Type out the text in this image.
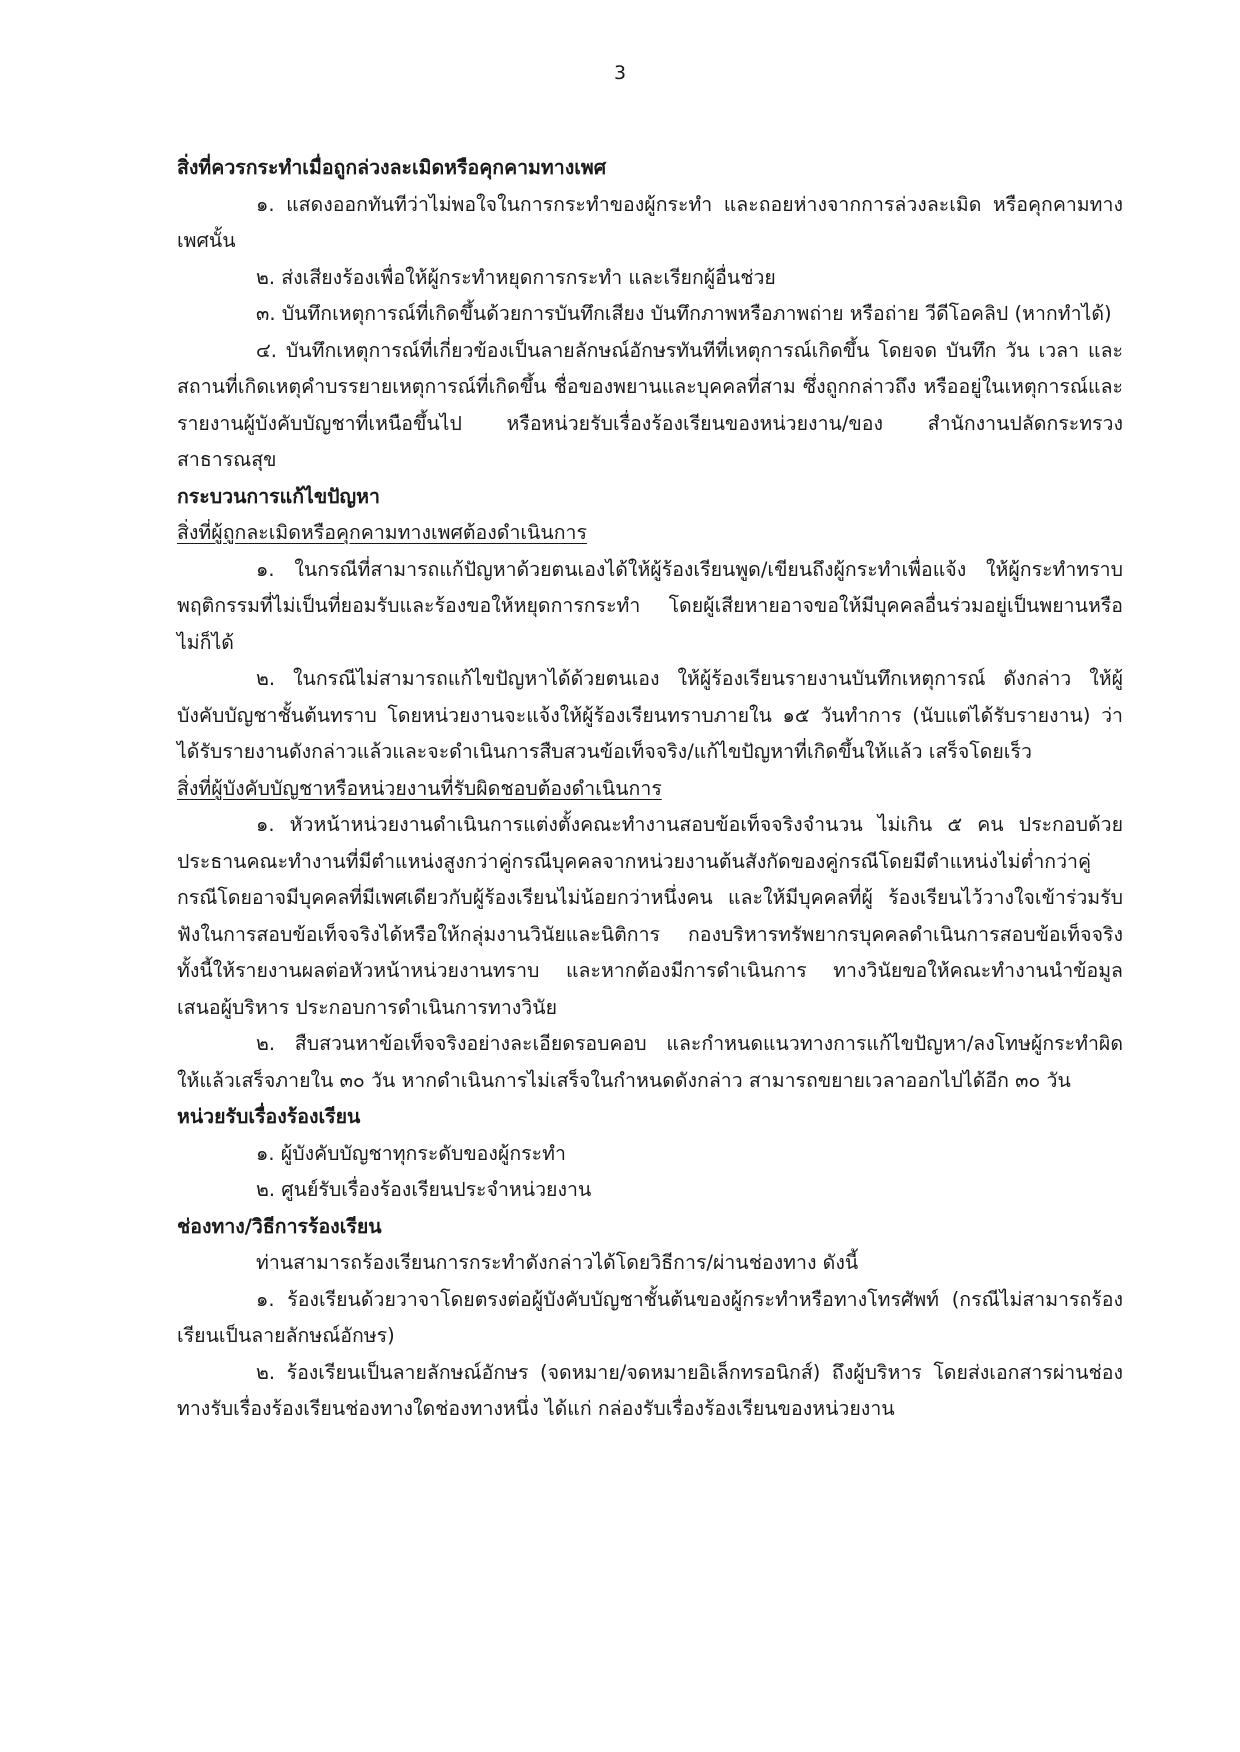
3

สิ่งที่ควรกระทำเมื่อถูกล่วงละเมิดหรือคุกคามทางเพศ

๑. แสดงออกทันทีว่าไม่พอใจในการกระทำของผู้กระทำ และถอยห่างจากการล่วงละเมิด หรือคุกคามทางเพศนั้น

๒. ส่งเสียงร้องเพื่อให้ผู้กระทำหยุดการกระทำ และเรียกผู้อื่นช่วย

๓. บันทึกเหตุการณ์ที่เกิดขึ้นด้วยการบันทึกเสียง บันทึกภาพหรือภาพถ่าย หรือถ่าย วีดีโอคลิป (หากทำได้)

๔. บันทึกเหตุการณ์ที่เกี่ยวข้องเป็นลายลักษณ์อักษรทันทีที่เหตุการณ์เกิดขึ้น โดยจด บันทึก วัน เวลา และสถานที่เกิดเหตุคำบรรยายเหตุการณ์ที่เกิดขึ้น ชื่อของพยานและบุคคลที่สาม ซึ่งถูกกล่าวถึง หรืออยู่ในเหตุการณ์และรายงานผู้บังคับบัญชาที่เหนือขึ้นไป หรือหน่วยรับเรื่องร้องเรียนของหน่วยงาน/ของ สำนักงานปลัดกระทรวงสาธารณสุข

กระบวนการแก้ไขปัญหา

สิ่งที่ผู้ถูกละเมิดหรือคุกคามทางเพศต้องดำเนินการ

๑. ในกรณีที่สามารถแก้ปัญหาด้วยตนเองได้ให้ผู้ร้องเรียนพูด/เขียนถึงผู้กระทำเพื่อแจ้ง ให้ผู้กระทำทราบพฤติกรรมที่ไม่เป็นที่ยอมรับและร้องขอให้หยุดการกระทำ โดยผู้เสียหายอาจขอให้มีบุคคลอื่นร่วมอยู่เป็นพยานหรือไม่ก็ได้

๒. ในกรณีไม่สามารถแก้ไขปัญหาได้ด้วยตนเอง ให้ผู้ร้องเรียนรายงานบันทึกเหตุการณ์ ดังกล่าว ให้ผู้บังคับบัญชาชั้นต้นทราบ โดยหน่วยงานจะแจ้งให้ผู้ร้องเรียนทราบภายใน ๑๕ วันทำการ (นับแต่ได้รับรายงาน) ว่าได้รับรายงานดังกล่าวแล้วและจะดำเนินการสืบสวนข้อเท็จจริง/แก้ไขปัญหาที่เกิดขึ้นให้แล้ว เสร็จโดยเร็ว

สิ่งที่ผู้บังคับบัญชาหรือหน่วยงานที่รับผิดชอบต้องดำเนินการ

๑. หัวหน้าหน่วยงานดำเนินการแต่งตั้งคณะทำงานสอบข้อเท็จจริงจำนวน ไม่เกิน ๕ คน ประกอบด้วยประธานคณะทำงานที่มีตำแหน่งสูงกว่าคู่กรณีบุคคลจากหน่วยงานต้นสังกัดของคู่กรณีโดยมีตำแหน่งไม่ต่ำกว่าคู่กรณีโดยอาจมีบุคคลที่มีเพศเดียวกับผู้ร้องเรียนไม่น้อยกว่าหนึ่งคน และให้มีบุคคลที่ผู้ ร้องเรียนไว้วางใจเข้าร่วมรับฟังในการสอบข้อเท็จจริงได้หรือให้กลุ่มงานวินัยและนิติการ กองบริหารทรัพยากรบุคคลดำเนินการสอบข้อเท็จจริง ทั้งนี้ให้รายงานผลต่อหัวหน้าหน่วยงานทราบ และหากต้องมีการดำเนินการ ทางวินัยขอให้คณะทำงานนำข้อมูลเสนอผู้บริหาร ประกอบการดำเนินการทางวินัย

๒. สืบสวนหาข้อเท็จจริงอย่างละเอียดรอบคอบ และกำหนดแนวทางการแก้ไขปัญหา/ลงโทษผู้กระทำผิด ให้แล้วเสร็จภายใน ๓๐ วัน หากดำเนินการไม่เสร็จในกำหนดดังกล่าว สามารถขยายเวลาออกไปได้อีก ๓๐ วัน

หน่วยรับเรื่องร้องเรียน

๑. ผู้บังคับบัญชาทุกระดับของผู้กระทำ

๒. ศูนย์รับเรื่องร้องเรียนประจำหน่วยงาน

ช่องทาง/วิธีการร้องเรียน

ท่านสามารถร้องเรียนการกระทำดังกล่าวได้โดยวิธีการ/ผ่านช่องทาง ดังนี้

๑. ร้องเรียนด้วยวาจาโดยตรงต่อผู้บังคับบัญชาชั้นต้นของผู้กระทำหรือทางโทรศัพท์ (กรณีไม่สามารถร้องเรียนเป็นลายลักษณ์อักษร)

๒. ร้องเรียนเป็นลายลักษณ์อักษร (จดหมาย/จดหมายอิเล็กทรอนิกส์) ถึงผู้บริหาร โดยส่งเอกสารผ่านช่องทางรับเรื่องร้องเรียนช่องทางใดช่องทางหนึ่ง ได้แก่ กล่องรับเรื่องร้องเรียนของหน่วยงาน
